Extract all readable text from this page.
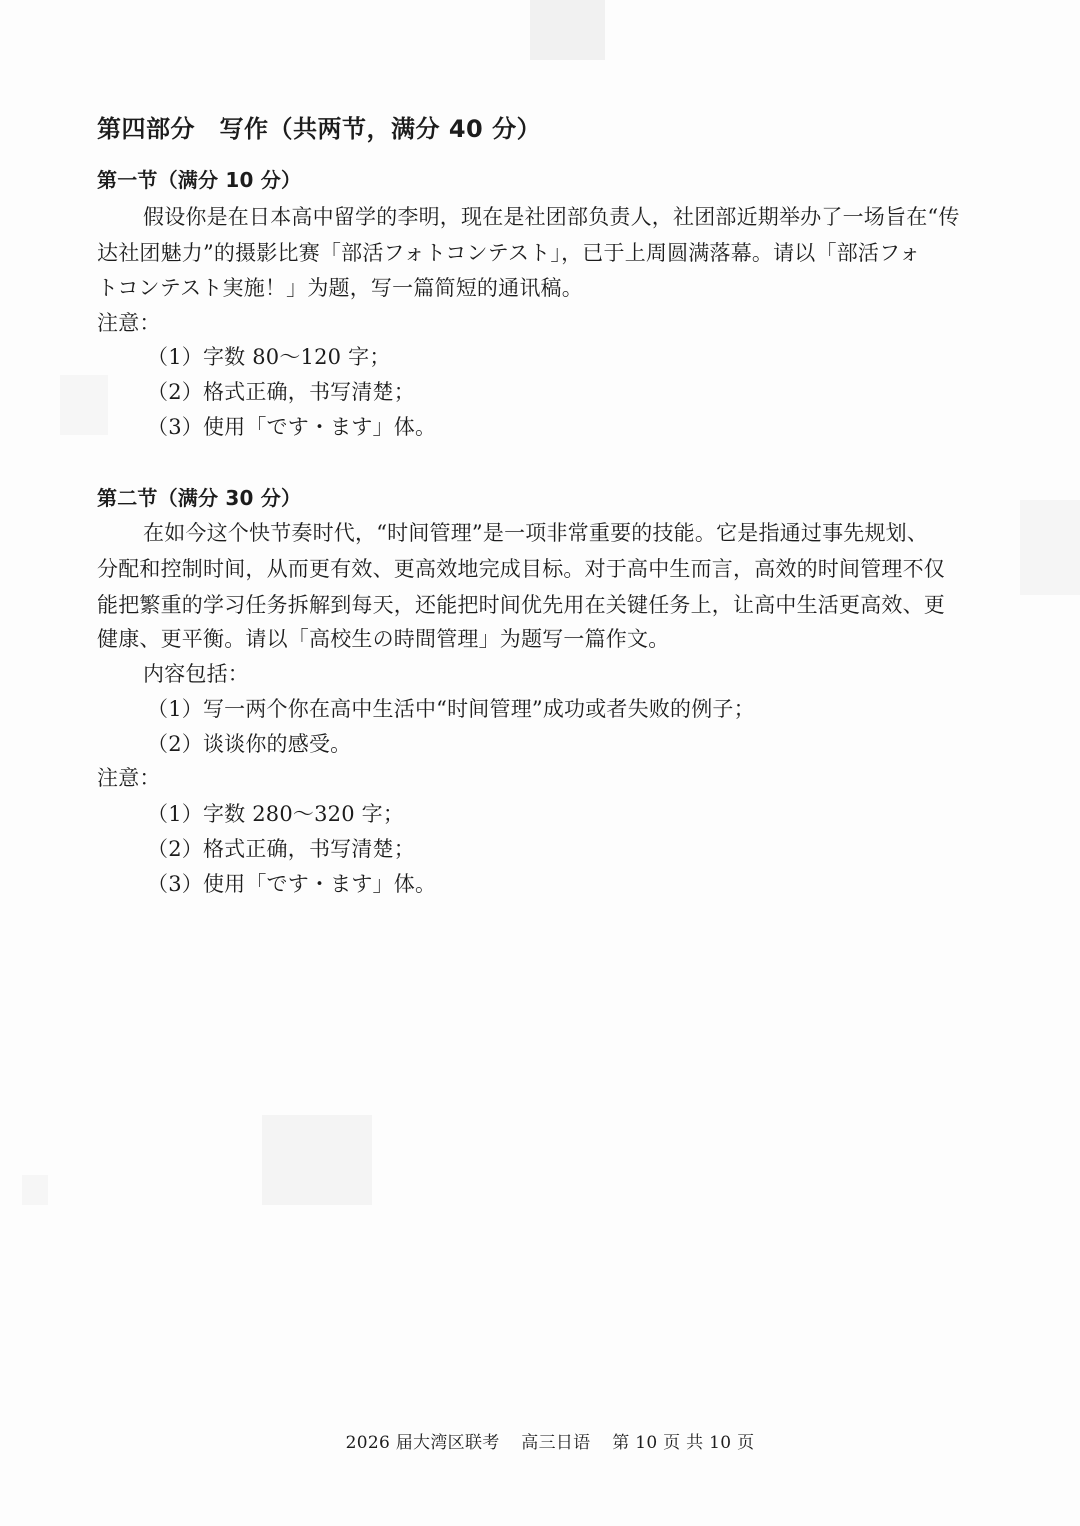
第四部分　写作（共两节，满分 40 分）
第一节（满分 10 分）
假设你是在日本高中留学的李明，现在是社团部负责人，社团部近期举办了一场旨在“传
达社团魅力”的摄影比赛「部活フォトコンテスト」，已于上周圆满落幕。请以「部活フォ
トコンテスト実施！」为题，写一篇简短的通讯稿。
注意：
（1）字数 80～120 字；
（2）格式正确，书写清楚；
（3）使用「です・ます」体。
第二节（满分 30 分）
在如今这个快节奏时代，“时间管理”是一项非常重要的技能。它是指通过事先规划、
分配和控制时间，从而更有效、更高效地完成目标。对于高中生而言，高效的时间管理不仅
能把繁重的学习任务拆解到每天，还能把时间优先用在关键任务上，让高中生活更高效、更
健康、更平衡。请以「高校生の時間管理」为题写一篇作文。
内容包括：
（1）写一两个你在高中生活中“时间管理”成功或者失败的例子；
（2）谈谈你的感受。
注意：
（1）字数 280～320 字；
（2）格式正确，书写清楚；
（3）使用「です・ます」体。
2026 届大湾区联考 高三日语 第 10 页 共 10 页
